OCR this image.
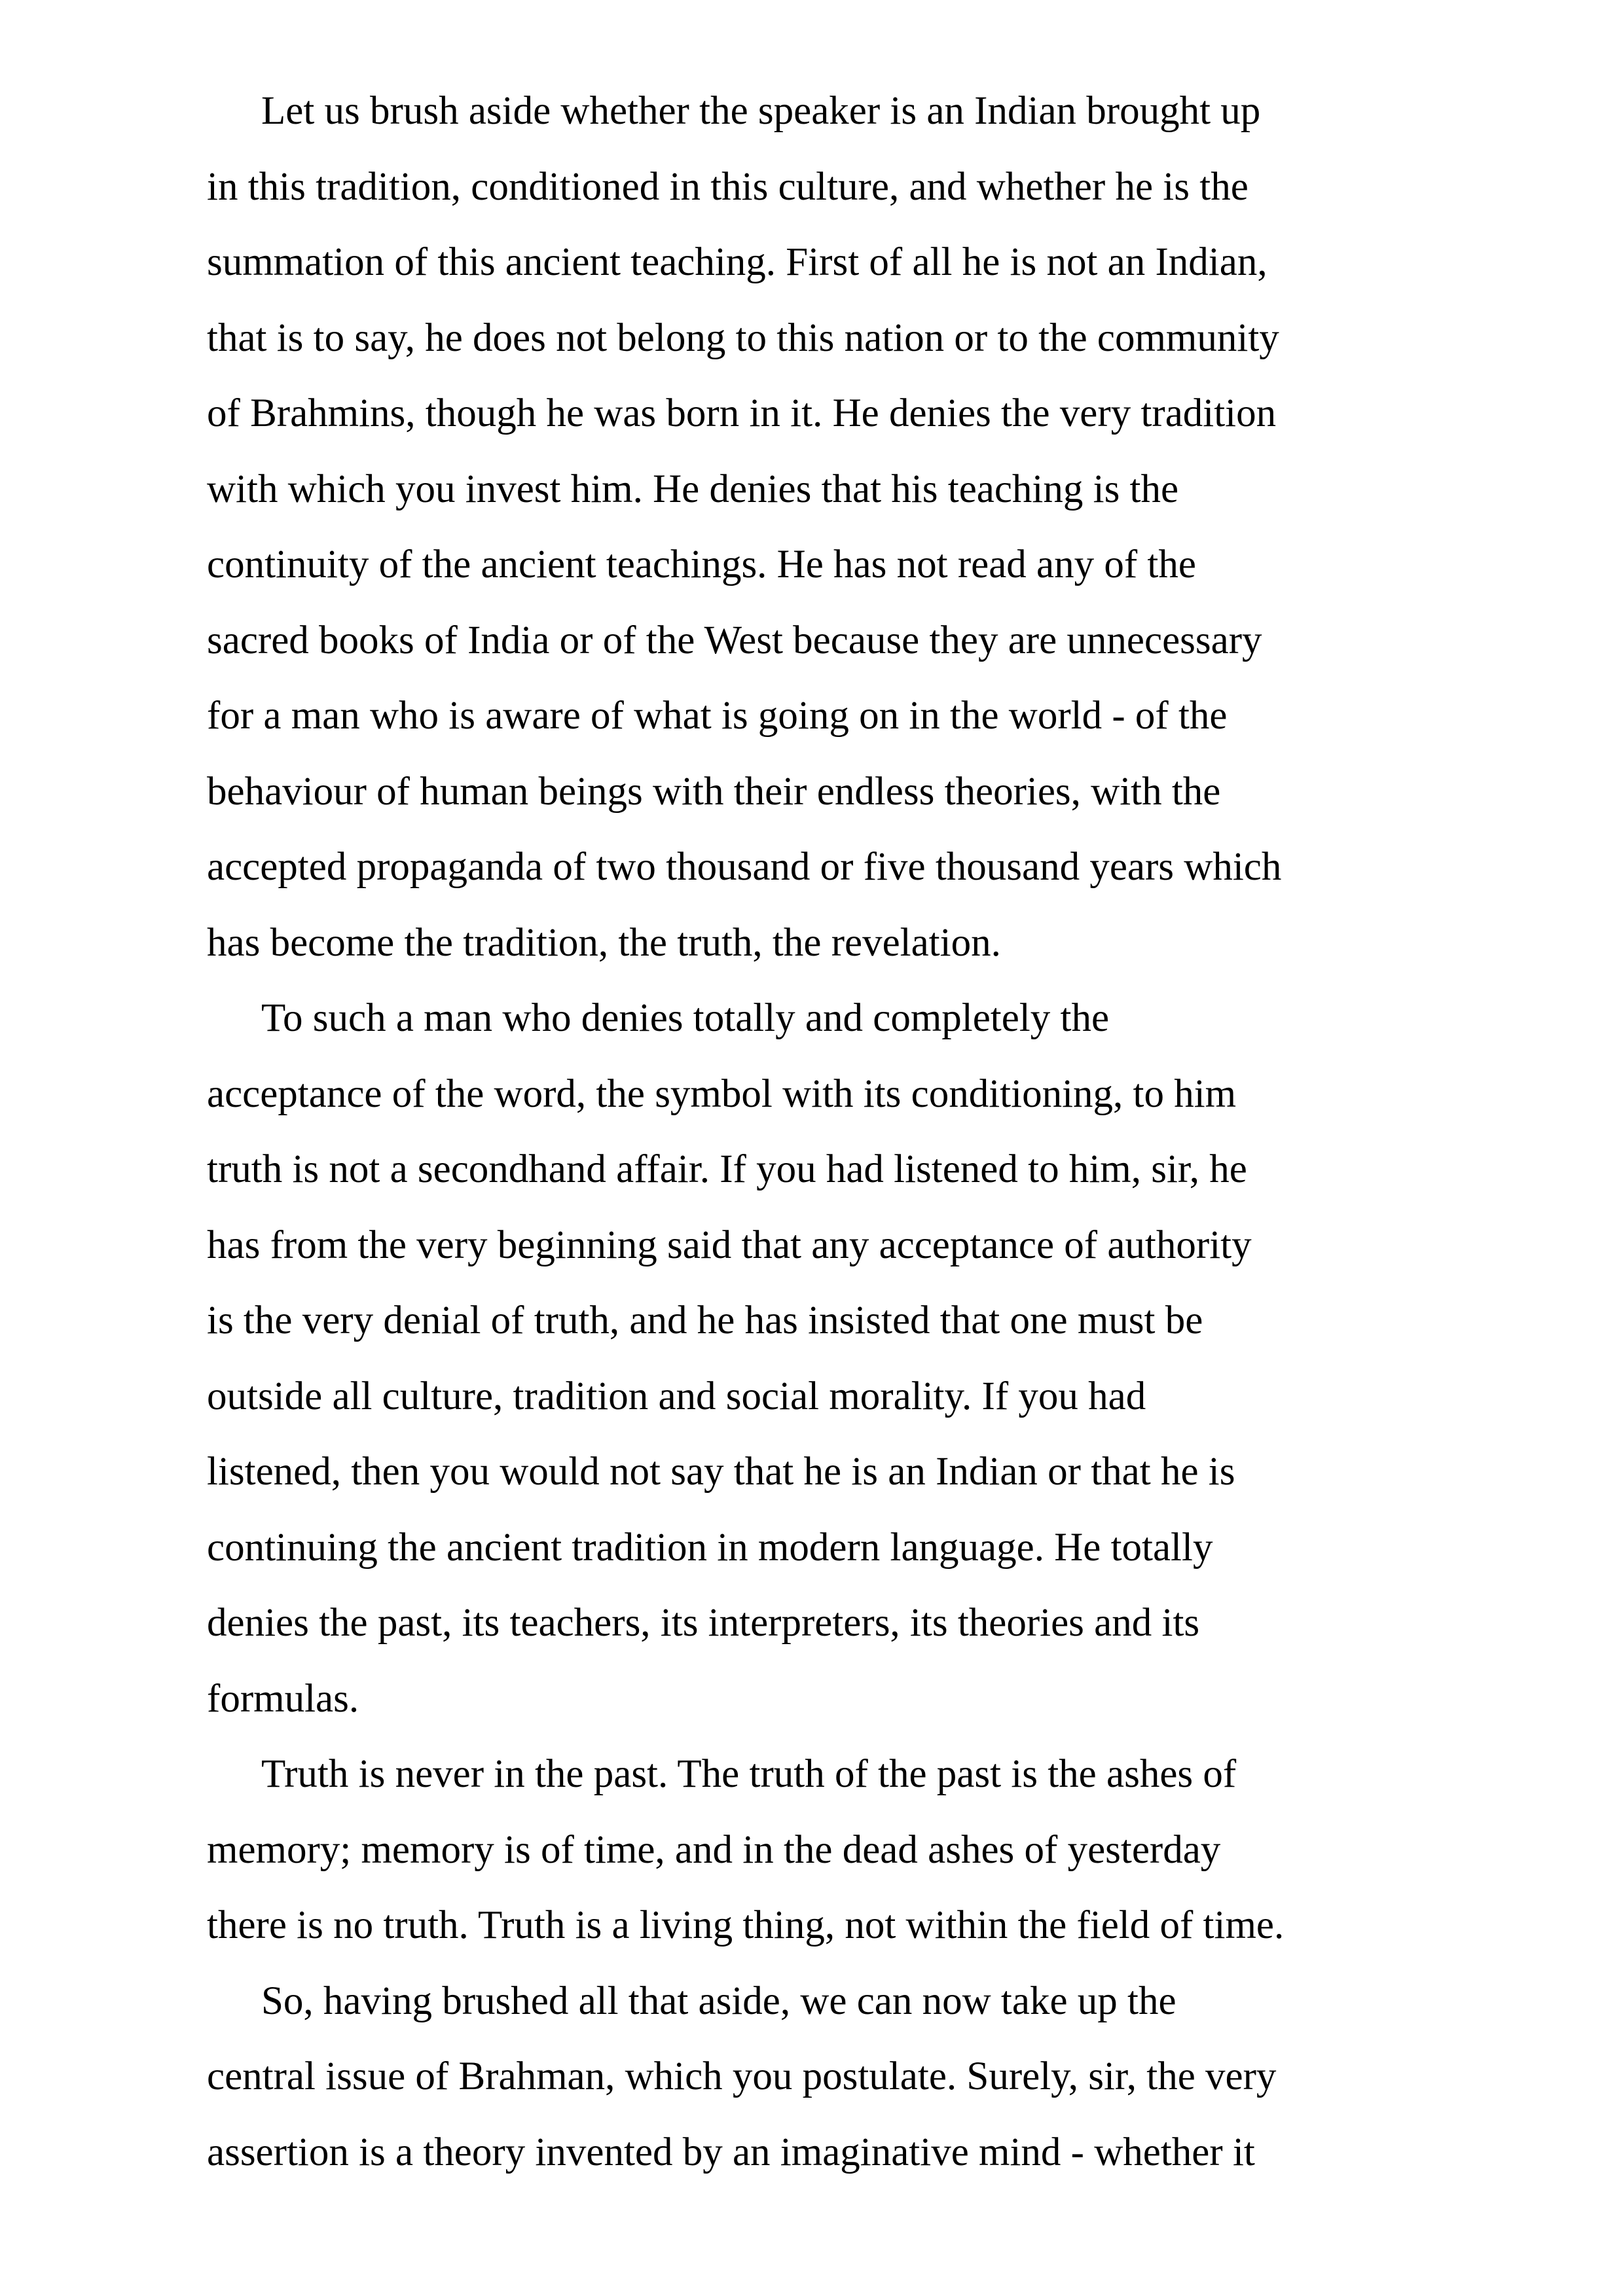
Let us brush aside whether the speaker is an Indian brought up
in this tradition, conditioned in this culture, and whether he is the
summation of this ancient teaching. First of all he is not an Indian,
that is to say, he does not belong to this nation or to the community
of Brahmins, though he was born in it. He denies the very tradition
with which you invest him. He denies that his teaching is the
continuity of the ancient teachings. He has not read any of the
sacred books of India or of the West because they are unnecessary
for a man who is aware of what is going on in the world - of the
behaviour of human beings with their endless theories, with the
accepted propaganda of two thousand or five thousand years which
has become the tradition, the truth, the revelation.
To such a man who denies totally and completely the
acceptance of the word, the symbol with its conditioning, to him
truth is not a secondhand affair. If you had listened to him, sir, he
has from the very beginning said that any acceptance of authority
is the very denial of truth, and he has insisted that one must be
outside all culture, tradition and social morality. If you had
listened, then you would not say that he is an Indian or that he is
continuing the ancient tradition in modern language. He totally
denies the past, its teachers, its interpreters, its theories and its
formulas.
Truth is never in the past. The truth of the past is the ashes of
memory; memory is of time, and in the dead ashes of yesterday
there is no truth. Truth is a living thing, not within the field of time.
So, having brushed all that aside, we can now take up the
central issue of Brahman, which you postulate. Surely, sir, the very
assertion is a theory invented by an imaginative mind - whether it
